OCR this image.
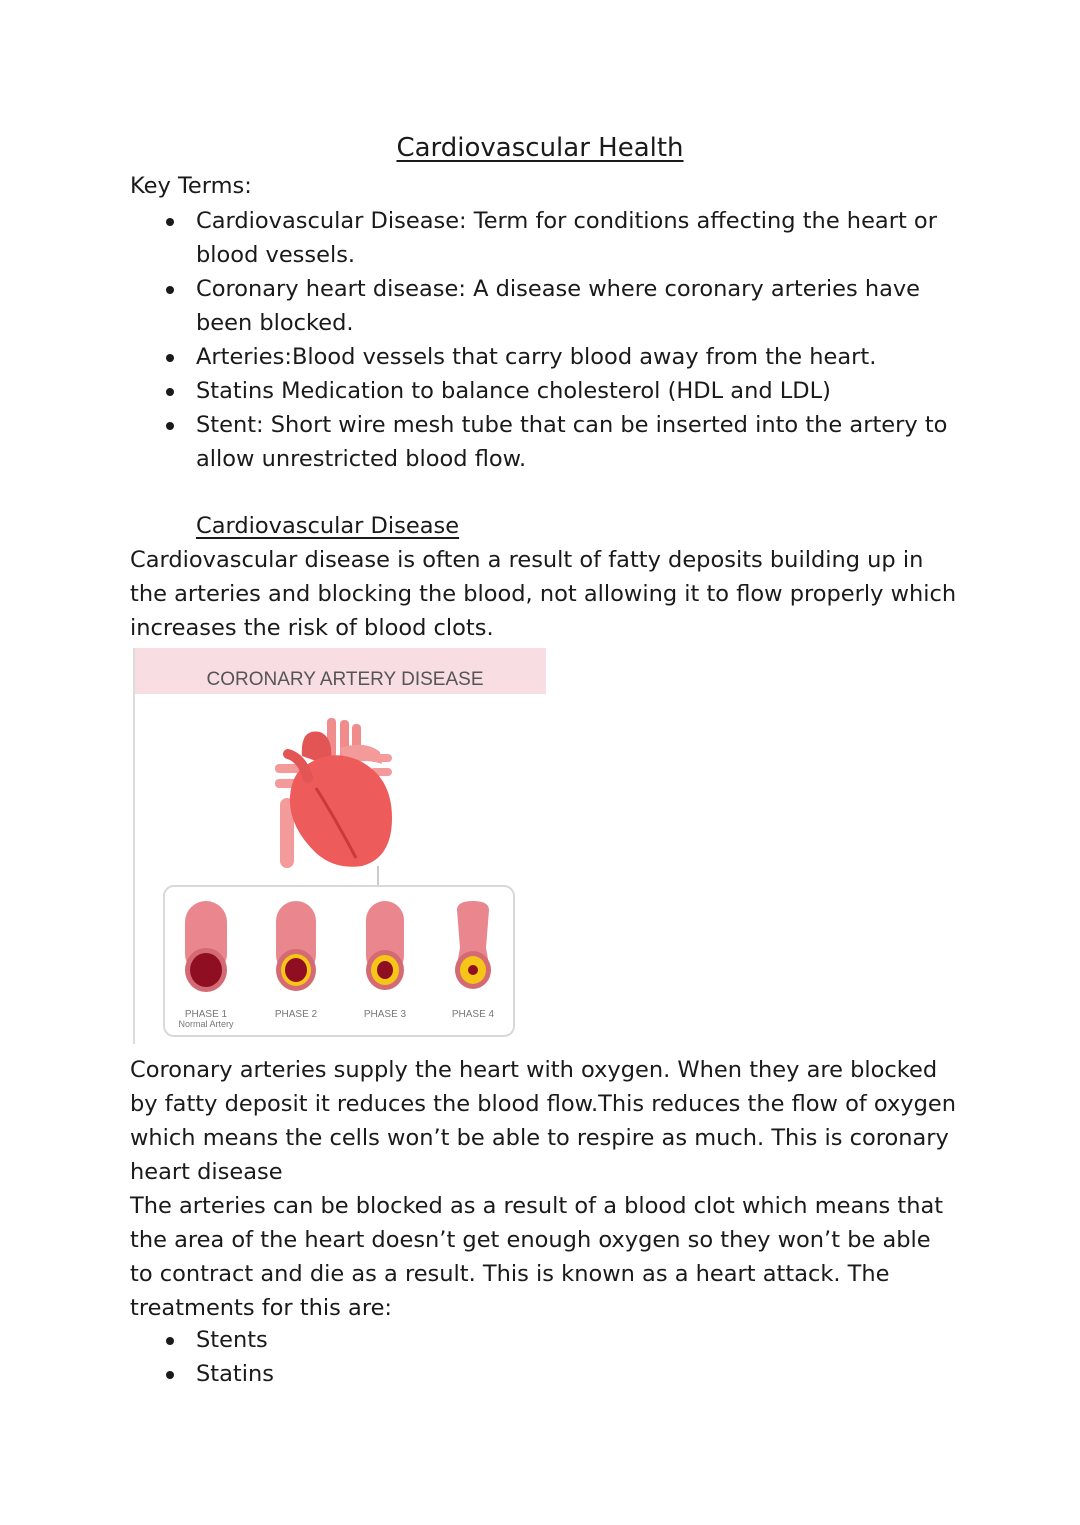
Cardiovascular Health
Key Terms:
Cardiovascular Disease: Term for conditions affecting the heart or blood vessels.
Coronary heart disease: A disease where coronary arteries have been blocked.
Arteries:Blood vessels that carry blood away from the heart.
Statins Medication to balance cholesterol (HDL and LDL)
Stent: Short wire mesh tube that can be inserted into the artery to allow unrestricted blood flow.
Cardiovascular Disease

Cardiovascular disease is often a result of fatty deposits building up in the arteries and blocking the blood, not allowing it to flow properly which increases the risk of blood clots.

CORONARY ARTERY DISEASE
PHASE 1
Normal Artery
PHASE 2	PHASE 3	PHASE 4

Coronary arteries supply the heart with oxygen. When they are blocked by fatty deposit it reduces the blood flow.This reduces the flow of oxygen which means the cells won’t be able to respire as much. This is coronary heart disease

The arteries can be blocked as a result of a blood clot which means that the area of the heart doesn’t get enough oxygen so they won’t be able to contract and die as a result. This is known as a heart attack. The treatments for this are:

Stents
Statins
